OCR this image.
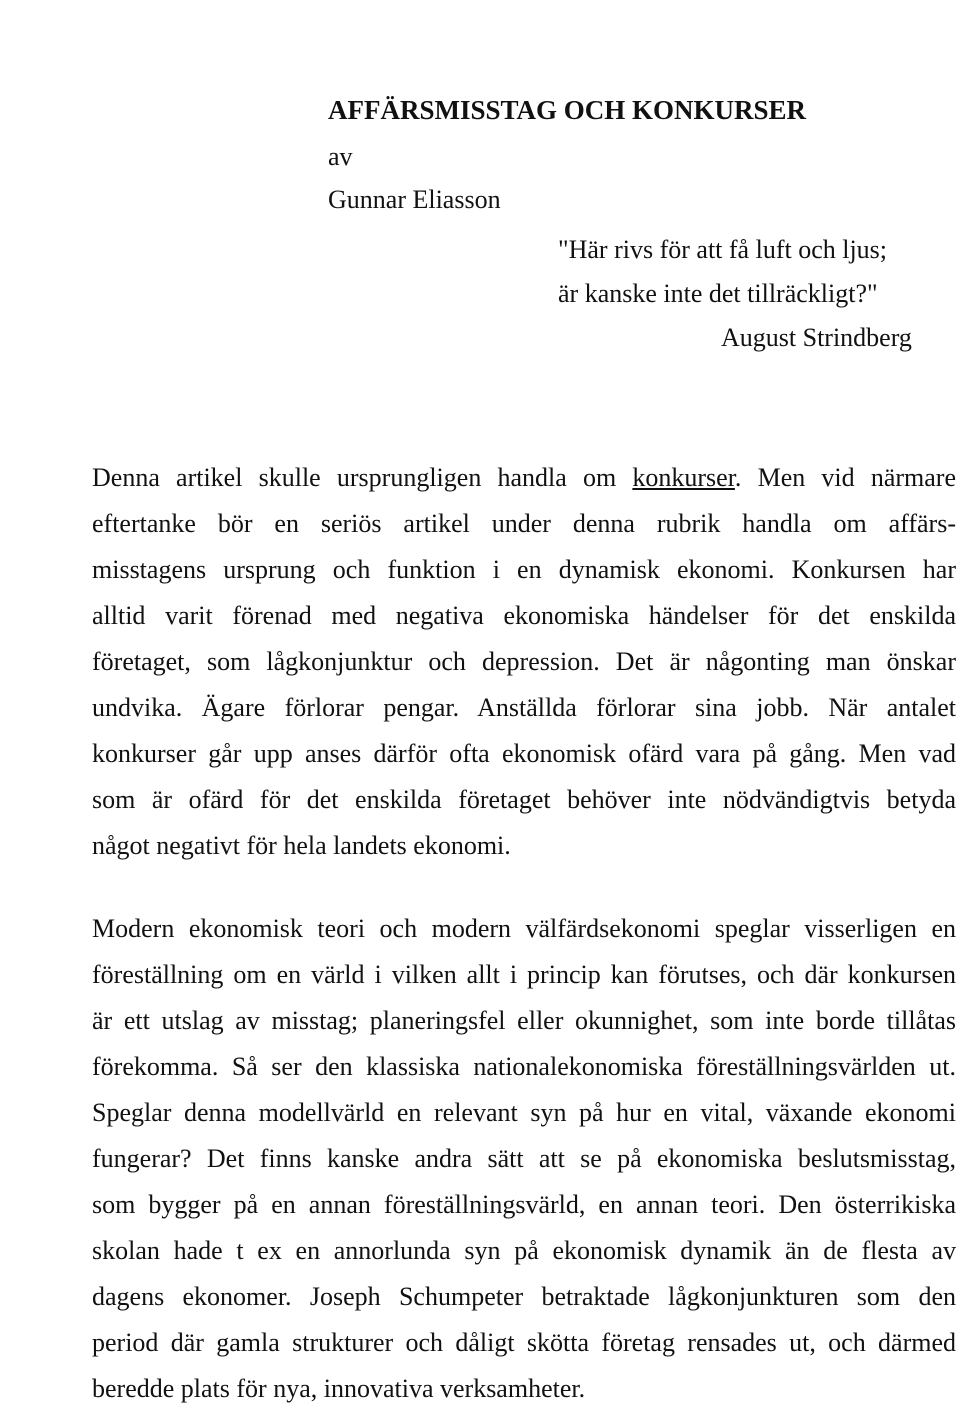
AFFÄRSMISSTAG OCH KONKURSER

av

Gunnar Eliasson

"Här rivs för att få luft och ljus;
är kanske inte det tillräckligt?"
August Strindberg
Denna artikel skulle ursprungligen handla om konkurser. Men vid närmare
eftertanke bör en seriös artikel under denna rubrik handla om affärs-
misstagens ursprung och funktion i en dynamisk ekonomi. Konkursen har
alltid varit förenad med negativa ekonomiska händelser för det enskilda
företaget, som lågkonjunktur och depression. Det är någonting man önskar
undvika. Ägare förlorar pengar. Anställda förlorar sina jobb. När antalet
konkurser går upp anses därför ofta ekonomisk ofärd vara på gång. Men vad
som är ofärd för det enskilda företaget behöver inte nödvändigtvis betyda
något negativt för hela landets ekonomi.
Modern ekonomisk teori och modern välfärdsekonomi speglar visserligen en
föreställning om en värld i vilken allt i princip kan förutses, och där konkursen
är ett utslag av misstag; planeringsfel eller okunnighet, som inte borde tillåtas
förekomma. Så ser den klassiska nationalekonomiska föreställningsvärlden ut.
Speglar denna modellvärld en relevant syn på hur en vital, växande ekonomi
fungerar? Det finns kanske andra sätt att se på ekonomiska beslutsmisstag,
som bygger på en annan föreställningsvärld, en annan teori. Den österrikiska
skolan hade t ex en annorlunda syn på ekonomisk dynamik än de flesta av
dagens ekonomer. Joseph Schumpeter betraktade lågkonjunkturen som den
period där gamla strukturer och dåligt skötta företag rensades ut, och därmed
beredde plats för nya, innovativa verksamheter.
